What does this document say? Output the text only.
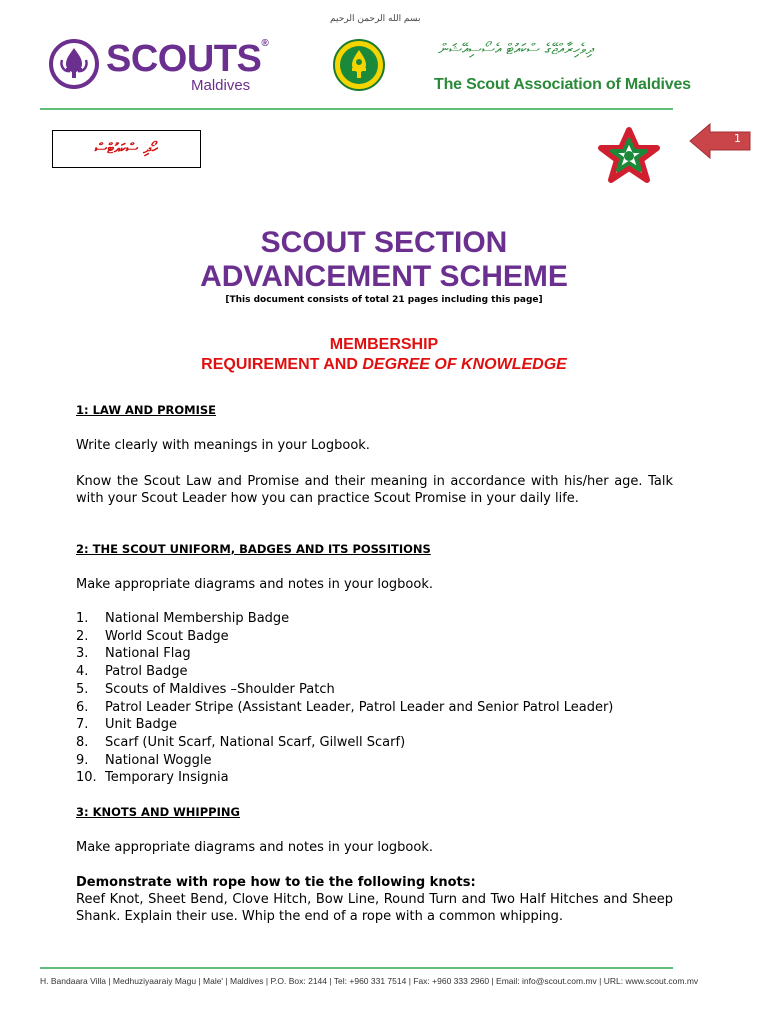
بسم الله الرحمن الرحيم
SCOUTS®
Maldives
ދިވެހިރާއްޖޭގެ ސްކައުޓް އެސޯސިއޭޝަން
The Scout Association of Maldives
ހޯދި ސްކައުޓްސް
1
SCOUT SECTION
ADVANCEMENT SCHEME
[This document consists of total 21 pages including this page]
MEMBERSHIP
REQUIREMENT AND DEGREE OF KNOWLEDGE
1: LAW AND PROMISE
Write clearly with meanings in your Logbook.
Know the Scout Law and Promise and their meaning in accordance with his/her age. Talk with your Scout Leader how you can practice Scout Promise in your daily life.
2: THE SCOUT UNIFORM, BADGES AND ITS POSSITIONS
Make appropriate diagrams and notes in your logbook.
1.	National Membership Badge
2.	World Scout Badge
3.	National Flag
4.	Patrol Badge
5.	Scouts of Maldives –Shoulder Patch
6.	Patrol Leader Stripe (Assistant Leader, Patrol Leader and Senior Patrol Leader)
7.	Unit Badge
8.	Scarf (Unit Scarf, National Scarf, Gilwell Scarf)
9.	National Woggle
10. Temporary Insignia
3: KNOTS AND WHIPPING
Make appropriate diagrams and notes in your logbook.
Demonstrate with rope how to tie the following knots:
Reef Knot, Sheet Bend, Clove Hitch, Bow Line, Round Turn and Two Half Hitches and Sheep Shank. Explain their use. Whip the end of a rope with a common whipping.
H. Bandaara Villa | Medhuziyaaraiy Magu | Male' | Maldives | P.O. Box: 2144 | Tel: +960 331 7514 | Fax: +960 333 2960 | Email: info@scout.com.mv | URL: www.scout.com.mv
